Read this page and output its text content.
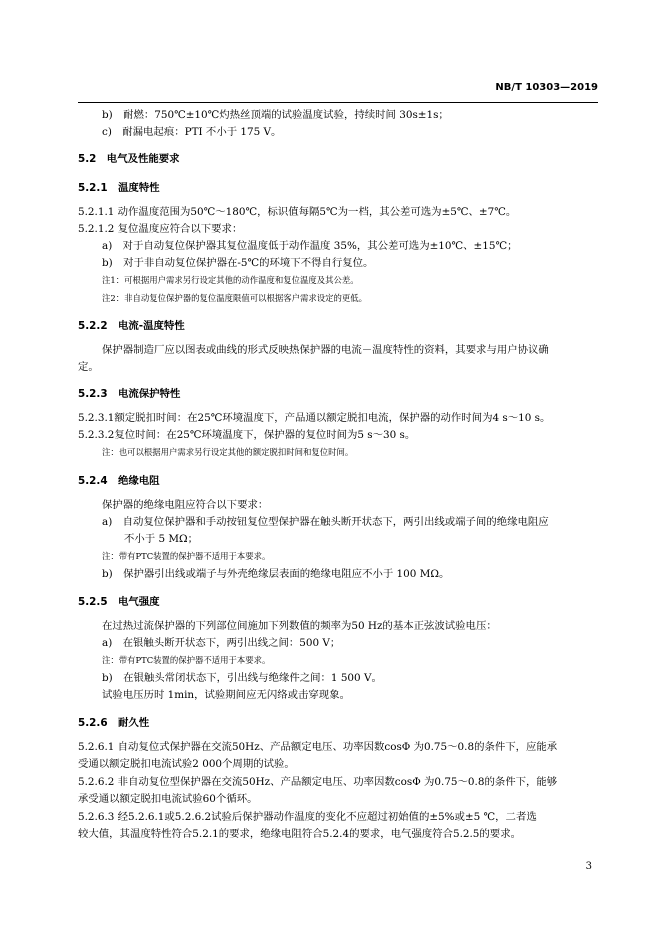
NB/T 10303—2019
b)　耐燃：750℃±10℃灼热丝顶端的试验温度试验，持续时间 30s±1s；
c)　耐漏电起痕：PTI 不小于 175 V。
5.2　电气及性能要求
5.2.1　温度特性
5.2.1.1 动作温度范围为50℃～180℃，标识值每隔5℃为一档，其公差可选为±5℃、±7℃。
5.2.1.2 复位温度应符合以下要求：
a)　对于自动复位保护器其复位温度低于动作温度 35%，其公差可选为±10℃、±15℃；
b)　对于非自动复位保护器在-5℃的环境下不得自行复位。
注1：可根据用户需求另行设定其他的动作温度和复位温度及其公差。
注2：非自动复位保护器的复位温度限值可以根据客户需求设定的更低。
5.2.2　电流-温度特性
保护器制造厂应以图表或曲线的形式反映热保护器的电流－温度特性的资料，其要求与用户协议确
定。
5.2.3　电流保护特性
5.2.3.1额定脱扣时间：在25℃环境温度下，产品通以额定脱扣电流，保护器的动作时间为4 s～10 s。
5.2.3.2复位时间：在25℃环境温度下，保护器的复位时间为5 s～30 s。
注：也可以根据用户需求另行设定其他的额定脱扣时间和复位时间。
5.2.4　绝缘电阻
保护器的绝缘电阻应符合以下要求：
a)　自动复位保护器和手动按钮复位型保护器在触头断开状态下，两引出线或端子间的绝缘电阻应
不小于 5 MΩ；
注：带有PTC装置的保护器不适用于本要求。
b)　保护器引出线或端子与外壳绝缘层表面的绝缘电阻应不小于 100 MΩ。
5.2.5　电气强度
在过热过流保护器的下列部位间施加下列数值的频率为50 Hz的基本正弦波试验电压：
a)　在银触头断开状态下，两引出线之间：500 V；
注：带有PTC装置的保护器不适用于本要求。
b)　在银触头常闭状态下，引出线与绝缘件之间：1 500 V。
试验电压历时 1min，试验期间应无闪络或击穿现象。
5.2.6　耐久性
5.2.6.1 自动复位式保护器在交流50Hz、产品额定电压、功率因数cosΦ 为0.75～0.8的条件下，应能承
受通以额定脱扣电流试验2 000个周期的试验。
5.2.6.2 非自动复位型保护器在交流50Hz、产品额定电压、功率因数cosΦ 为0.75～0.8的条件下，能够
承受通以额定脱扣电流试验60个循环。
5.2.6.3 经5.2.6.1或5.2.6.2试验后保护器动作温度的变化不应超过初始值的±5%或±5 ℃，二者选
较大值，其温度特性符合5.2.1的要求，绝缘电阻符合5.2.4的要求，电气强度符合5.2.5的要求。
3
